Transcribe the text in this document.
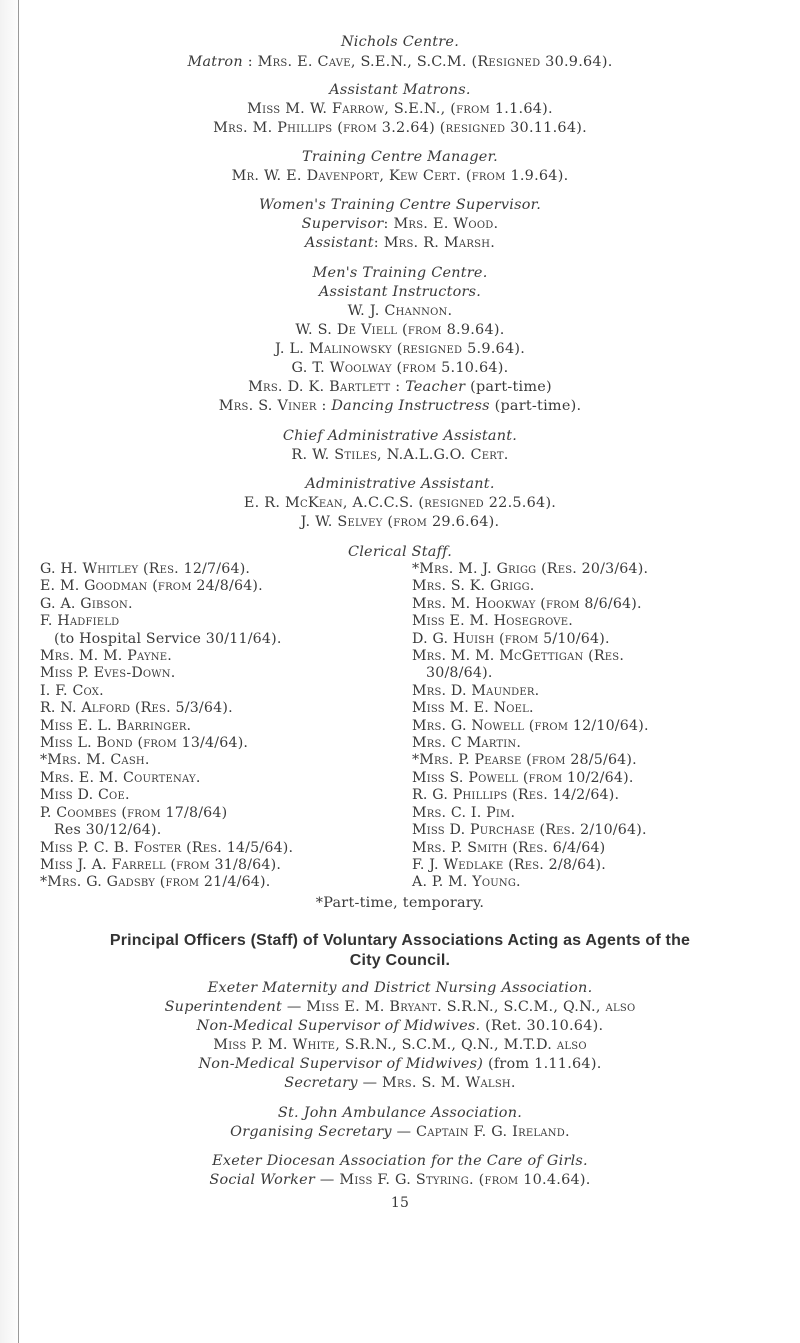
Nichols Centre.
Matron : Mrs. E. Cave, S.E.N., S.C.M. (Resigned 30.9.64).
Assistant Matrons.
Miss M. W. Farrow, S.E.N., (from 1.1.64).
Mrs. M. Phillips (from 3.2.64) (resigned 30.11.64).
Training Centre Manager.
Mr. W. E. Davenport, Kew Cert. (from 1.9.64).
Women's Training Centre Supervisor.
Supervisor: Mrs. E. Wood.
Assistant: Mrs. R. Marsh.
Men's Training Centre.
Assistant Instructors.
W. J. Channon.
W. S. De Viell (from 8.9.64).
J. L. Malinowsky (resigned 5.9.64).
G. T. Woolway (from 5.10.64).
Mrs. D. K. Bartlett : Teacher (part-time)
Mrs. S. Viner : Dancing Instructress (part-time).
Chief Administrative Assistant.
R. W. Stiles, N.A.L.G.O. Cert.
Administrative Assistant.
E. R. McKean, A.C.C.S. (resigned 22.5.64).
J. W. Selvey (from 29.6.64).
Clerical Staff.
G. H. Whitley (Res. 12/7/64).
E. M. Goodman (from 24/8/64).
G. A. Gibson.
F. Hadfield
(to Hospital Service 30/11/64).
Mrs. M. M. Payne.
Miss P. Eves-Down.
I. F. Cox.
R. N. Alford (Res. 5/3/64).
Miss E. L. Barringer.
Miss L. Bond (from 13/4/64).
*Mrs. M. Cash.
Mrs. E. M. Courtenay.
Miss D. Coe.
P. Coombes (from 17/8/64)
Res 30/12/64).
Miss P. C. B. Foster (Res. 14/5/64).
Miss J. A. Farrell (from 31/8/64).
*Mrs. G. Gadsby (from 21/4/64).
*Mrs. M. J. Grigg (Res. 20/3/64).
Mrs. S. K. Grigg.
Mrs. M. Hookway (from 8/6/64).
Miss E. M. Hosegrove.
D. G. Huish (from 5/10/64).
Mrs. M. M. McGettigan (Res.
30/8/64).
Mrs. D. Maunder.
Miss M. E. Noel.
Mrs. G. Nowell (from 12/10/64).
Mrs. C Martin.
*Mrs. P. Pearse (from 28/5/64).
Miss S. Powell (from 10/2/64).
R. G. Phillips (Res. 14/2/64).
Mrs. C. I. Pim.
Miss D. Purchase (Res. 2/10/64).
Mrs. P. Smith (Res. 6/4/64)
F. J. Wedlake (Res. 2/8/64).
A. P. M. Young.
*Part-time, temporary.
Principal Officers (Staff) of Voluntary Associations Acting as Agents of the
City Council.
Exeter Maternity and District Nursing Association.
Superintendent — Miss E. M. Bryant. S.R.N., S.C.M., Q.N., also
Non-Medical Supervisor of Midwives. (Ret. 30.10.64).
Miss P. M. White, S.R.N., S.C.M., Q.N., M.T.D. also
Non-Medical Supervisor of Midwives) (from 1.11.64).
Secretary — Mrs. S. M. Walsh.
St. John Ambulance Association.
Organising Secretary — Captain F. G. Ireland.
Exeter Diocesan Association for the Care of Girls.
Social Worker — Miss F. G. Styring. (from 10.4.64).
15
